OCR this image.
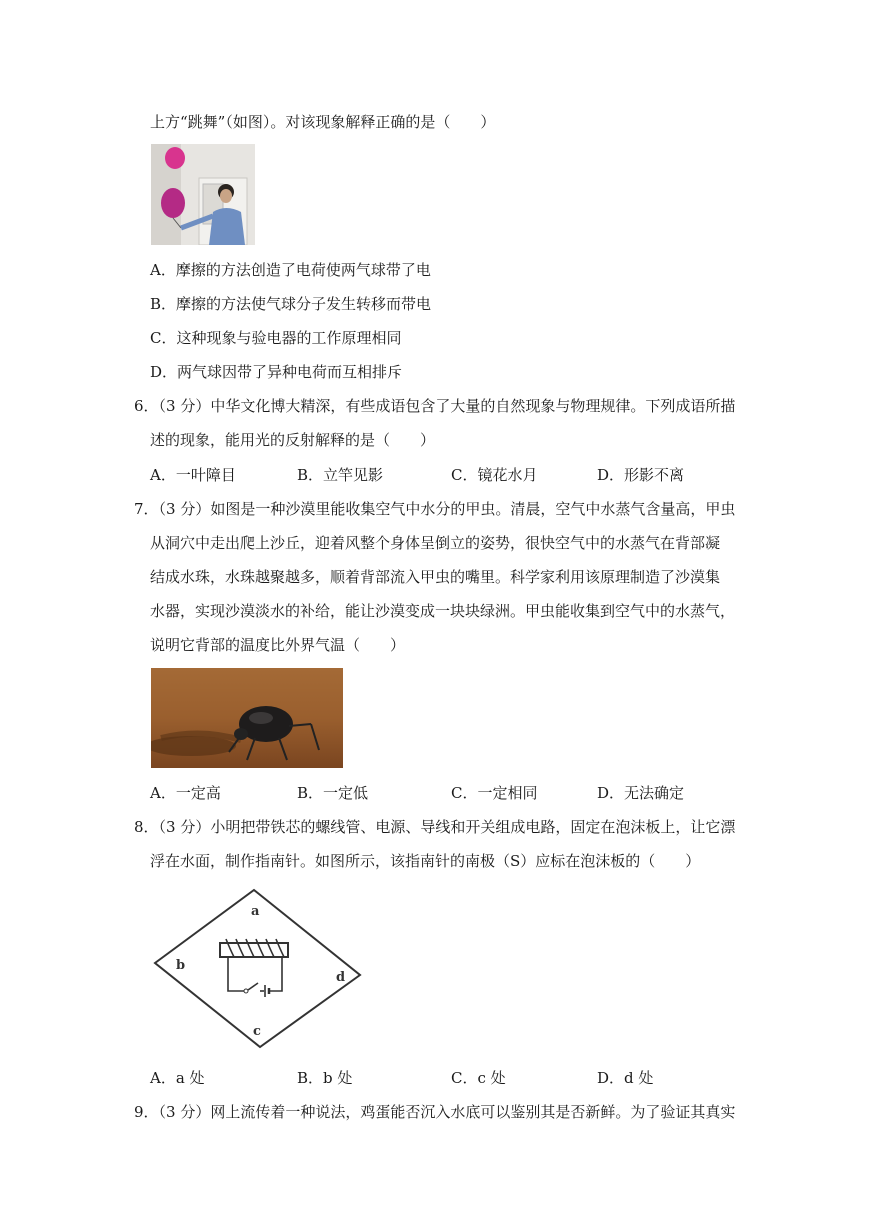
上方“跳舞”（如图）。对该现象解释正确的是（　　）
A．摩擦的方法创造了电荷使两气球带了电
B．摩擦的方法使气球分子发生转移而带电
C．这种现象与验电器的工作原理相同
D．两气球因带了异种电荷而互相排斥
6．（3 分）中华文化博大精深，有些成语包含了大量的自然现象与物理规律。下列成语所描
述的现象，能用光的反射解释的是（　　）
A．一叶障目	B．立竿见影	C．镜花水月	D．形影不离
7．（3 分）如图是一种沙漠里能收集空气中水分的甲虫。清晨，空气中水蒸气含量高，甲虫
从洞穴中走出爬上沙丘，迎着风整个身体呈倒立的姿势，很快空气中的水蒸气在背部凝
结成水珠，水珠越聚越多，顺着背部流入甲虫的嘴里。科学家利用该原理制造了沙漠集
水器，实现沙漠淡水的补给，能让沙漠变成一块块绿洲。甲虫能收集到空气中的水蒸气，
说明它背部的温度比外界气温（　　）
A．一定高	B．一定低	C．一定相同	D．无法确定
8．（3 分）小明把带铁芯的螺线管、电源、导线和开关组成电路，固定在泡沫板上，让它漂
浮在水面，制作指南针。如图所示，该指南针的南极（S）应标在泡沫板的（　　）
a
b
c
d
A．a 处	B．b 处	C．c 处	D．d 处
9．（3 分）网上流传着一种说法，鸡蛋能否沉入水底可以鉴别其是否新鲜。为了验证其真实
